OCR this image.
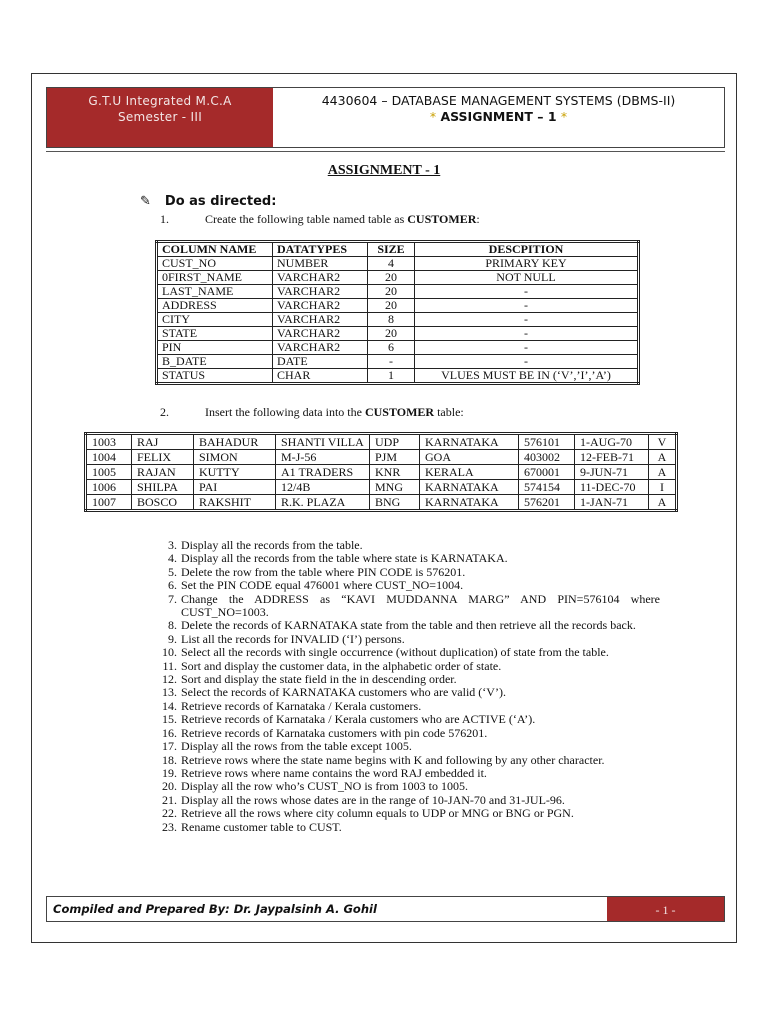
G.T.U Integrated M.C.A
Semester - III
4430604 – DATABASE MANAGEMENT SYSTEMS (DBMS-II)
* ASSIGNMENT – 1 *
ASSIGNMENT - 1
✎ Do as directed:
1.	Create the following table named table as CUSTOMER:
COLUMN NAME	DATATYPES	SIZE	DESCPITION
CUST_NO	NUMBER	4	PRIMARY KEY
0FIRST_NAME	VARCHAR2	20	NOT NULL
LAST_NAME	VARCHAR2	20	-
ADDRESS	VARCHAR2	20	-
CITY	VARCHAR2	8	-
STATE	VARCHAR2	20	-
PIN	VARCHAR2	6	-
B_DATE	DATE	-	-
STATUS	CHAR	1	VLUES MUST BE IN (‘V’,’I’,’A’)
2.	Insert the following data into the CUSTOMER table:
1003	RAJ	BAHADUR	SHANTI VILLA	UDP	KARNATAKA	576101	1-AUG-70	V
1004	FELIX	SIMON	M-J-56	PJM	GOA	403002	12-FEB-71	A
1005	RAJAN	KUTTY	A1 TRADERS	KNR	KERALA	670001	9-JUN-71	A
1006	SHILPA	PAI	12/4B	MNG	KARNATAKA	574154	11-DEC-70	I
1007	BOSCO	RAKSHIT	R.K. PLAZA	BNG	KARNATAKA	576201	1-JAN-71	A
3. Display all the records from the table.
4. Display all the records from the table where state is KARNATAKA.
5. Delete the row from the table where PIN CODE is 576201.
6. Set the PIN CODE equal 476001 where CUST_NO=1004.
7. Change the ADDRESS as “KAVI MUDDANNA MARG” AND PIN=576104 where CUST_NO=1003.
8. Delete the records of KARNATAKA state from the table and then retrieve all the records back.
9. List all the records for INVALID (‘I’) persons.
10. Select all the records with single occurrence (without duplication) of state from the table.
11. Sort and display the customer data, in the alphabetic order of state.
12. Sort and display the state field in the in descending order.
13. Select the records of KARNATAKA customers who are valid (‘V’).
14. Retrieve records of Karnataka / Kerala customers.
15. Retrieve records of Karnataka / Kerala customers who are ACTIVE (‘A’).
16. Retrieve records of Karnataka customers with pin code 576201.
17. Display all the rows from the table except 1005.
18. Retrieve rows where the state name begins with K and following by any other character.
19. Retrieve rows where name contains the word RAJ embedded it.
20. Display all the row who’s CUST_NO is from 1003 to 1005.
21. Display all the rows whose dates are in the range of 10-JAN-70 and 31-JUL-96.
22. Retrieve all the rows where city column equals to UDP or MNG or BNG or PGN.
23. Rename customer table to CUST.
Compiled and Prepared By: Dr. Jaypalsinh A. Gohil	- 1 -
